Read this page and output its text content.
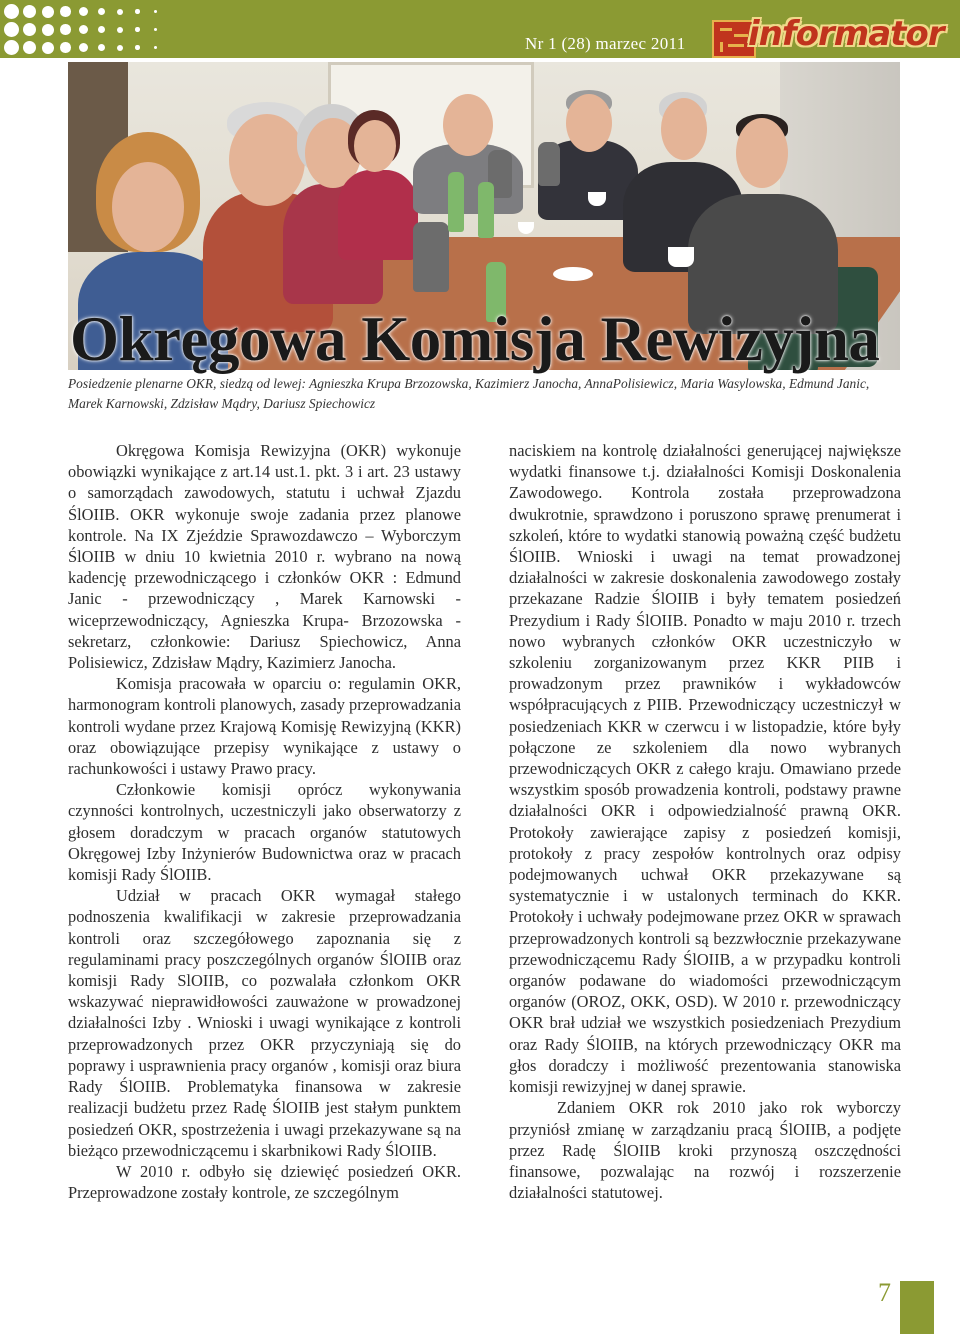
Nr 1 (28) marzec 2011 informator
Okręgowa Komisja Rewizyjna
Posiedzenie plenarne OKR, siedzą od lewej: Agnieszka Krupa Brzozowska, Kazimierz Janocha, AnnaPolisiewicz, Maria Wasylowska, Edmund Janic, Marek Karnowski, Zdzisław Mądry, Dariusz Spiechowicz

Okręgowa Komisja Rewizyjna (OKR) wykonuje obowiązki wynikające z art.14 ust.1. pkt. 3 i art. 23 ustawy o samorządach zawodowych, statutu i uchwał Zjazdu ŚlOIIB. OKR wykonuje swoje zadania przez planowe kontrole. Na IX Zjeździe Sprawozdawczo – Wyborczym ŚlOIIB w dniu 10 kwietnia 2010 r. wybrano na nową kadencję przewodniczącego i członków OKR : Edmund Janic - przewodniczący , Marek Karnowski - wiceprzewodniczący, Agnieszka Krupa- Brzozowska - sekretarz, członkowie: Dariusz Spiechowicz, Anna Polisiewicz, Zdzisław Mądry, Kazimierz Janocha.

Komisja pracowała w oparciu o: regulamin OKR, harmonogram kontroli planowych, zasady przeprowadzania kontroli wydane przez Krajową Komisję Rewizyjną (KKR) oraz obowiązujące przepisy wynikające z ustawy o rachunkowości i ustawy Prawo pracy.

Członkowie komisji oprócz wykonywania czynności kontrolnych, uczestniczyli jako obserwatorzy z głosem doradczym w pracach organów statutowych Okręgowej Izby Inżynierów Budownictwa oraz w pracach komisji Rady ŚlOIIB.

Udział w pracach OKR wymagał stałego podnoszenia kwalifikacji w zakresie przeprowadzania kontroli oraz szczegółowego zapoznania się z regulaminami pracy poszczególnych organów ŚlOIIB oraz komisji Rady SlOIIB, co pozwalała członkom OKR wskazywać nieprawidłowości zauważone w prowadzonej działalności Izby . Wnioski i uwagi wynikające z kontroli przeprowadzonych przez OKR przyczyniają się do poprawy i usprawnienia pracy organów , komisji oraz biura Rady ŚlOIIB. Problematyka finansowa w zakresie realizacji budżetu przez Radę ŚlOIIB jest stałym punktem posiedzeń OKR, spostrzeżenia i uwagi przekazywane są na bieżąco przewodniczącemu i skarbnikowi Rady ŚlOIIB.

W 2010 r. odbyło się dziewięć posiedzeń OKR. Przeprowadzone zostały kontrole, ze szczególnym

naciskiem na kontrolę działalności generującej największe wydatki finansowe t.j. działalności Komisji Doskonalenia Zawodowego. Kontrola została przeprowadzona dwukrotnie, sprawdzono i poruszono sprawę prenumerat i szkoleń, które to wydatki stanowią poważną część budżetu ŚlOIIB. Wnioski i uwagi na temat prowadzonej działalności w zakresie doskonalenia zawodowego zostały przekazane Radzie ŚlOIIB i były tematem posiedzeń Prezydium i Rady ŚlOIIB. Ponadto w maju 2010 r. trzech nowo wybranych członków OKR uczestniczyło w szkoleniu zorganizowanym przez KKR PIIB i prowadzonym przez prawników i wykładowców współpracujących z PIIB. Przewodniczący uczestniczył w posiedzeniach KKR w czerwcu i w listopadzie, które były połączone ze szkoleniem dla nowo wybranych przewodniczących OKR z całego kraju. Omawiano przede wszystkim sposób prowadzenia kontroli, podstawy prawne działalności OKR i odpowiedzialność prawną OKR. Protokoły zawierające zapisy z posiedzeń komisji, protokoły z pracy zespołów kontrolnych oraz odpisy podejmowanych uchwał OKR przekazywane są systematycznie i w ustalonych terminach do KKR. Protokoły i uchwały podejmowane przez OKR w sprawach przeprowadzonych kontroli są bezzwłocznie przekazywane przewodniczącemu Rady ŚlOIIB, a w przypadku kontroli organów podawane do wiadomości przewodniczącym organów (OROZ, OKK, OSD). W 2010 r. przewodniczący OKR brał udział we wszystkich posiedzeniach Prezydium oraz Rady ŚlOIIB, na których przewodniczący OKR ma głos doradczy i możliwość prezentowania stanowiska komisji rewizyjnej w danej sprawie.

Zdaniem OKR rok 2010 jako rok wyborczy przyniósł zmianę w zarządzaniu pracą ŚlOIIB, a podjęte przez Radę ŚlOIIB kroki przynoszą oszczędności finansowe, pozwalając na rozwój i rozszerzenie działalności statutowej.

7
